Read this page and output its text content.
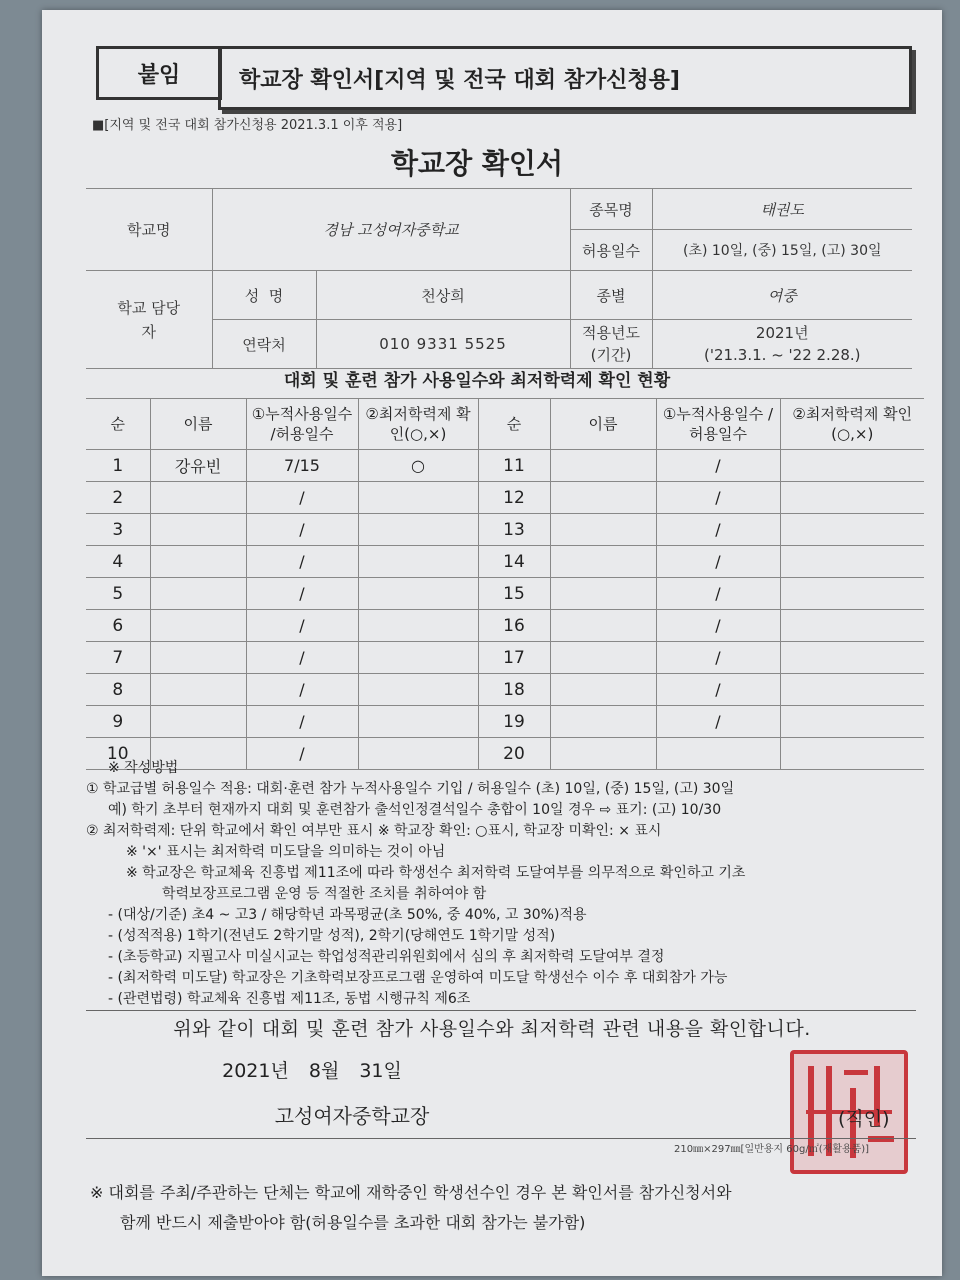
붙임	학교장 확인서[지역 및 전국 대회 참가신청용]
■[지역 및 전국 대회 참가신청용 2021.3.1 이후 적용]
학교장 확인서
학교명	경남 고성여자중학교		종목명	태권도
			허용일수	(초) 10일, (중) 15일, (고) 30일
학교 담당자	성  명	천상희	종별	여중
	연락처	010 9331 5525	적용년도 (기간)	2021년
('21.3.1. ~ '22 2.28.)
대회 및 훈련 참가 사용일수와 최저학력제 확인 현황
순	이름	①누적사용일수 /허용일수	②최저학력제 확인(○,×)	순	이름	①누적사용일수 /허용일수	②최저학력제 확인(○,×)
1	강유빈	7/15	○	11		/	
2		/		12		/	
3		/		13		/	
4		/		14		/	
5		/		15		/	
6		/		16		/	
7		/		17		/	
8		/		18		/	
9		/		19		/	
10		/		20			
※ 작성방법
① 학교급별 허용일수 적용: 대회·훈련 참가 누적사용일수 기입 / 허용일수 (초) 10일, (중) 15일, (고) 30일
예) 학기 초부터 현재까지 대회 및 훈련참가 출석인정결석일수 총합이 10일 경우 ⇨ 표기: (고) 10/30
② 최저학력제: 단위 학교에서 확인 여부만 표시 ※ 학교장 확인: ○표시, 학교장 미확인: × 표시
※ '×' 표시는 최저학력 미도달을 의미하는 것이 아님
※ 학교장은 학교체육 진흥법 제11조에 따라 학생선수 최저학력 도달여부를 의무적으로 확인하고 기초
학력보장프로그램 운영 등 적절한 조치를 취하여야 함
- (대상/기준) 초4 ~ 고3 / 해당학년 과목평균(초 50%, 중 40%, 고 30%)적용
- (성적적용) 1학기(전년도 2학기말 성적), 2학기(당해연도 1학기말 성적)
- (초등학교) 지필고사 미실시교는 학업성적관리위원회에서 심의 후 최저학력 도달여부 결정
- (최저학력 미도달) 학교장은 기초학력보장프로그램 운영하여 미도달 학생선수 이수 후 대회참가 가능
- (관련법령) 학교체육 진흥법 제11조, 동법 시행규칙 제6조
위와 같이 대회 및 훈련 참가 사용일수와 최저학력 관련 내용을 확인합니다.
2021년 8월 31일
고성여자중학교장	(직인)
210㎜×297㎜[일반용지 60g/㎡(재활용품)]
※ 대회를 주최/주관하는 단체는 학교에 재학중인 학생선수인 경우 본 확인서를 참가신청서와
함께 반드시 제출받아야 함(허용일수를 초과한 대회 참가는 불가함)
